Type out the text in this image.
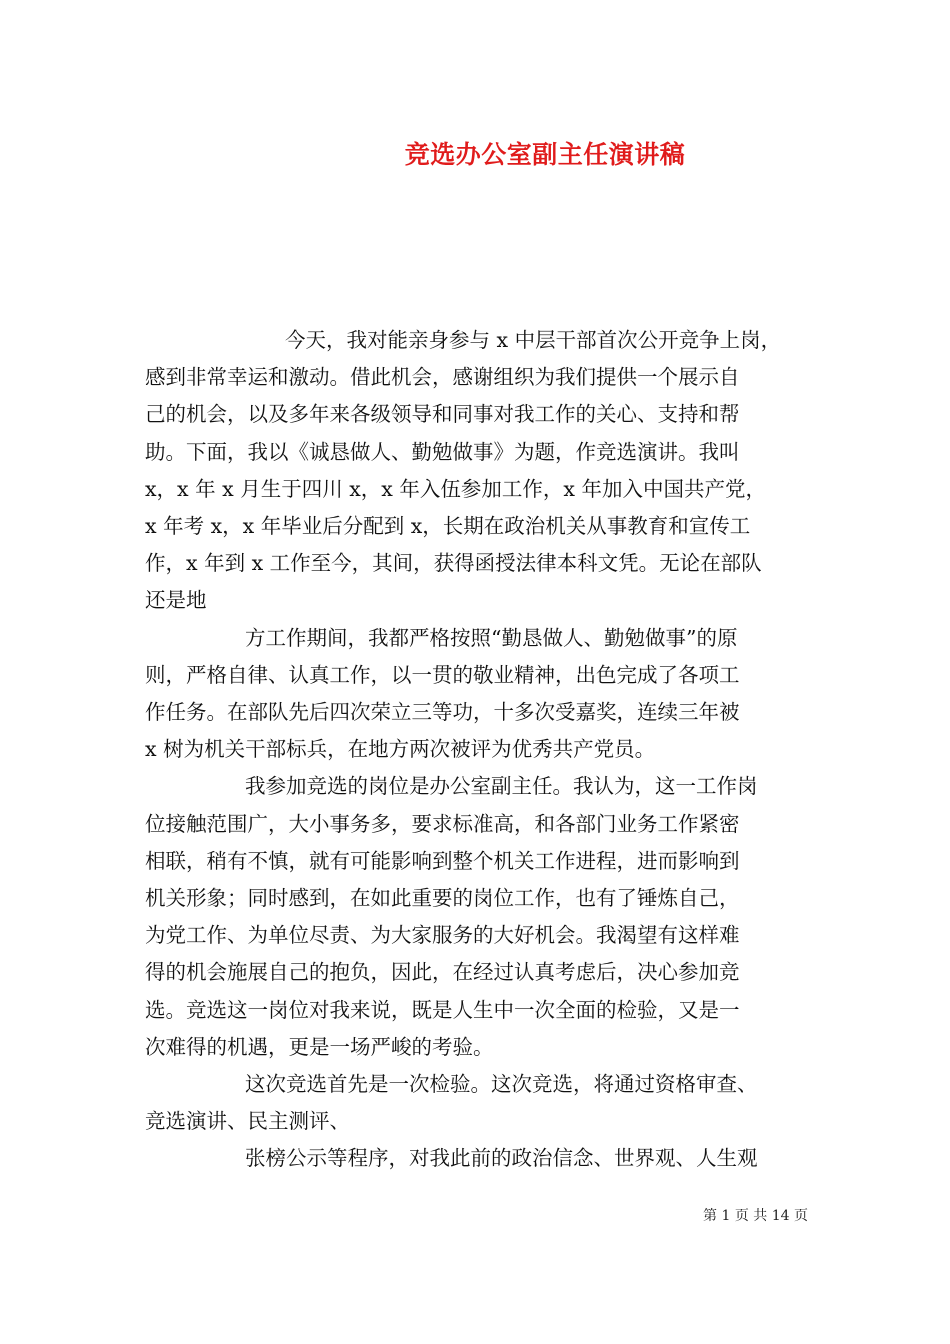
竞选办公室副主任演讲稿
今天，我对能亲身参与 x 中层干部首次公开竞争上岗，
感到非常幸运和激动。借此机会，感谢组织为我们提供一个展示自
己的机会，以及多年来各级领导和同事对我工作的关心、支持和帮
助。下面，我以《诚恳做人、勤勉做事》为题，作竞选演讲。我叫
x，x 年 x 月生于四川 x，x 年入伍参加工作，x 年加入中国共产党，
x 年考 x，x 年毕业后分配到 x，长期在政治机关从事教育和宣传工
作，x 年到 x 工作至今，其间，获得函授法律本科文凭。无论在部队
还是地
方工作期间，我都严格按照“勤恳做人、勤勉做事”的原
则，严格自律、认真工作，以一贯的敬业精神，出色完成了各项工
作任务。在部队先后四次荣立三等功，十多次受嘉奖，连续三年被
x 树为机关干部标兵，在地方两次被评为优秀共产党员。
我参加竞选的岗位是办公室副主任。我认为，这一工作岗
位接触范围广，大小事务多，要求标准高，和各部门业务工作紧密
相联，稍有不慎，就有可能影响到整个机关工作进程，进而影响到
机关形象；同时感到，在如此重要的岗位工作，也有了锤炼自己，
为党工作、为单位尽责、为大家服务的大好机会。我渴望有这样难
得的机会施展自己的抱负，因此，在经过认真考虑后，决心参加竞
选。竞选这一岗位对我来说，既是人生中一次全面的检验，又是一
次难得的机遇，更是一场严峻的考验。
这次竞选首先是一次检验。这次竞选，将通过资格审查、
竞选演讲、民主测评、
张榜公示等程序，对我此前的政治信念、世界观、人生观
第 1 页 共 14 页
